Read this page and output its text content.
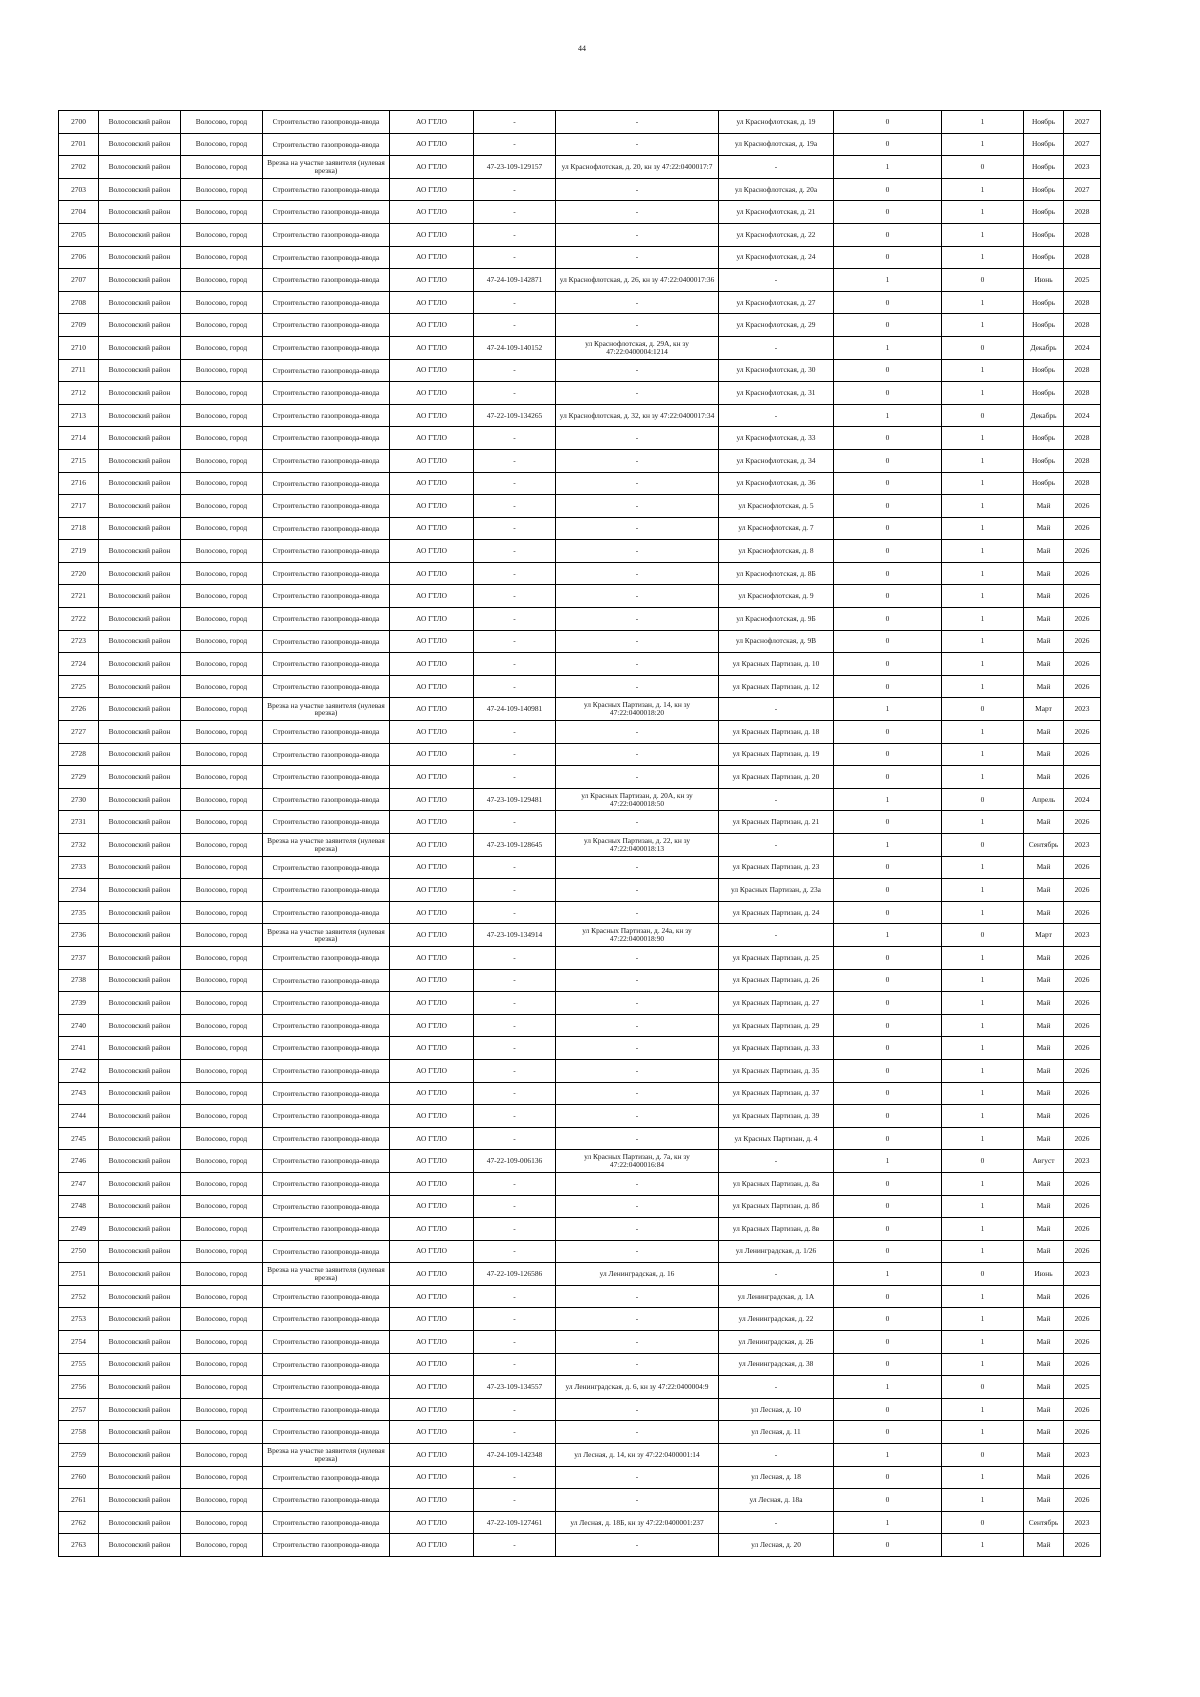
44
2700	Волосовский район	Волосово, город	Строительство газопровода-ввода	АО ГТЛО	-	-	ул Краснофлотская, д. 19	0	1	Ноябрь	2027
2701	Волосовский район	Волосово, город	Строительство газопровода-ввода	АО ГТЛО	-	-	ул Краснофлотская, д. 19а	0	1	Ноябрь	2027
2702	Волосовский район	Волосово, город	Врезка на участке заявителя (нулевая врезка)	АО ГТЛО	47-23-109-129157	ул Краснофлотская, д. 20, кн зу 47:22:0400017:7	-	1	0	Ноябрь	2023
2703	Волосовский район	Волосово, город	Строительство газопровода-ввода	АО ГТЛО	-	-	ул Краснофлотская, д. 20а	0	1	Ноябрь	2027
2704	Волосовский район	Волосово, город	Строительство газопровода-ввода	АО ГТЛО	-	-	ул Краснофлотская, д. 21	0	1	Ноябрь	2028
2705	Волосовский район	Волосово, город	Строительство газопровода-ввода	АО ГТЛО	-	-	ул Краснофлотская, д. 22	0	1	Ноябрь	2028
2706	Волосовский район	Волосово, город	Строительство газопровода-ввода	АО ГТЛО	-	-	ул Краснофлотская, д. 24	0	1	Ноябрь	2028
2707	Волосовский район	Волосово, город	Строительство газопровода-ввода	АО ГТЛО	47-24-109-142871	ул Краснофлотская, д. 26, кн зу 47:22:0400017:36	-	1	0	Июнь	2025
2708	Волосовский район	Волосово, город	Строительство газопровода-ввода	АО ГТЛО	-	-	ул Краснофлотская, д. 27	0	1	Ноябрь	2028
2709	Волосовский район	Волосово, город	Строительство газопровода-ввода	АО ГТЛО	-	-	ул Краснофлотская, д. 29	0	1	Ноябрь	2028
2710	Волосовский район	Волосово, город	Строительство газопровода-ввода	АО ГТЛО	47-24-109-140152	ул Краснофлотская, д. 29А, кн зу 47:22:0400004:1214	-	1	0	Декабрь	2024
2711	Волосовский район	Волосово, город	Строительство газопровода-ввода	АО ГТЛО	-	-	ул Краснофлотская, д. 30	0	1	Ноябрь	2028
2712	Волосовский район	Волосово, город	Строительство газопровода-ввода	АО ГТЛО	-	-	ул Краснофлотская, д. 31	0	1	Ноябрь	2028
2713	Волосовский район	Волосово, город	Строительство газопровода-ввода	АО ГТЛО	47-22-109-134265	ул Краснофлотская, д. 32, кн зу 47:22:0400017:34	-	1	0	Декабрь	2024
2714	Волосовский район	Волосово, город	Строительство газопровода-ввода	АО ГТЛО	-	-	ул Краснофлотская, д. 33	0	1	Ноябрь	2028
2715	Волосовский район	Волосово, город	Строительство газопровода-ввода	АО ГТЛО	-	-	ул Краснофлотская, д. 34	0	1	Ноябрь	2028
2716	Волосовский район	Волосово, город	Строительство газопровода-ввода	АО ГТЛО	-	-	ул Краснофлотская, д. 36	0	1	Ноябрь	2028
2717	Волосовский район	Волосово, город	Строительство газопровода-ввода	АО ГТЛО	-	-	ул Краснофлотская, д. 5	0	1	Май	2026
2718	Волосовский район	Волосово, город	Строительство газопровода-ввода	АО ГТЛО	-	-	ул Краснофлотская, д. 7	0	1	Май	2026
2719	Волосовский район	Волосово, город	Строительство газопровода-ввода	АО ГТЛО	-	-	ул Краснофлотская, д. 8	0	1	Май	2026
2720	Волосовский район	Волосово, город	Строительство газопровода-ввода	АО ГТЛО	-	-	ул Краснофлотская, д. 8Б	0	1	Май	2026
2721	Волосовский район	Волосово, город	Строительство газопровода-ввода	АО ГТЛО	-	-	ул Краснофлотская, д. 9	0	1	Май	2026
2722	Волосовский район	Волосово, город	Строительство газопровода-ввода	АО ГТЛО	-	-	ул Краснофлотская, д. 9Б	0	1	Май	2026
2723	Волосовский район	Волосово, город	Строительство газопровода-ввода	АО ГТЛО	-	-	ул Краснофлотская, д. 9В	0	1	Май	2026
2724	Волосовский район	Волосово, город	Строительство газопровода-ввода	АО ГТЛО	-	-	ул Красных Партизан, д. 10	0	1	Май	2026
2725	Волосовский район	Волосово, город	Строительство газопровода-ввода	АО ГТЛО	-	-	ул Красных Партизан, д. 12	0	1	Май	2026
2726	Волосовский район	Волосово, город	Врезка на участке заявителя (нулевая врезка)	АО ГТЛО	47-24-109-140981	ул Красных Партизан, д. 14, кн зу 47:22:0400018:20	-	1	0	Март	2023
2727	Волосовский район	Волосово, город	Строительство газопровода-ввода	АО ГТЛО	-	-	ул Красных Партизан, д. 18	0	1	Май	2026
2728	Волосовский район	Волосово, город	Строительство газопровода-ввода	АО ГТЛО	-	-	ул Красных Партизан, д. 19	0	1	Май	2026
2729	Волосовский район	Волосово, город	Строительство газопровода-ввода	АО ГТЛО	-	-	ул Красных Партизан, д. 20	0	1	Май	2026
2730	Волосовский район	Волосово, город	Строительство газопровода-ввода	АО ГТЛО	47-23-109-129481	ул Красных Партизан, д. 20А, кн зу 47:22:0400018:50	-	1	0	Апрель	2024
2731	Волосовский район	Волосово, город	Строительство газопровода-ввода	АО ГТЛО	-	-	ул Красных Партизан, д. 21	0	1	Май	2026
2732	Волосовский район	Волосово, город	Врезка на участке заявителя (нулевая врезка)	АО ГТЛО	47-23-109-128645	ул Красных Партизан, д. 22, кн зу 47:22:0400018:13	-	1	0	Сентябрь	2023
2733	Волосовский район	Волосово, город	Строительство газопровода-ввода	АО ГТЛО	-	-	ул Красных Партизан, д. 23	0	1	Май	2026
2734	Волосовский район	Волосово, город	Строительство газопровода-ввода	АО ГТЛО	-	-	ул Красных Партизан, д. 23а	0	1	Май	2026
2735	Волосовский район	Волосово, город	Строительство газопровода-ввода	АО ГТЛО	-	-	ул Красных Партизан, д. 24	0	1	Май	2026
2736	Волосовский район	Волосово, город	Врезка на участке заявителя (нулевая врезка)	АО ГТЛО	47-23-109-134914	ул Красных Партизан, д. 24а, кн зу 47:22:0400018:90	-	1	0	Март	2023
2737	Волосовский район	Волосово, город	Строительство газопровода-ввода	АО ГТЛО	-	-	ул Красных Партизан, д. 25	0	1	Май	2026
2738	Волосовский район	Волосово, город	Строительство газопровода-ввода	АО ГТЛО	-	-	ул Красных Партизан, д. 26	0	1	Май	2026
2739	Волосовский район	Волосово, город	Строительство газопровода-ввода	АО ГТЛО	-	-	ул Красных Партизан, д. 27	0	1	Май	2026
2740	Волосовский район	Волосово, город	Строительство газопровода-ввода	АО ГТЛО	-	-	ул Красных Партизан, д. 29	0	1	Май	2026
2741	Волосовский район	Волосово, город	Строительство газопровода-ввода	АО ГТЛО	-	-	ул Красных Партизан, д. 33	0	1	Май	2026
2742	Волосовский район	Волосово, город	Строительство газопровода-ввода	АО ГТЛО	-	-	ул Красных Партизан, д. 35	0	1	Май	2026
2743	Волосовский район	Волосово, город	Строительство газопровода-ввода	АО ГТЛО	-	-	ул Красных Партизан, д. 37	0	1	Май	2026
2744	Волосовский район	Волосово, город	Строительство газопровода-ввода	АО ГТЛО	-	-	ул Красных Партизан, д. 39	0	1	Май	2026
2745	Волосовский район	Волосово, город	Строительство газопровода-ввода	АО ГТЛО	-	-	ул Красных Партизан, д. 4	0	1	Май	2026
2746	Волосовский район	Волосово, город	Строительство газопровода-ввода	АО ГТЛО	47-22-109-006136	ул Красных Партизан, д. 7а, кн зу 47:22:0400016:84	-	1	0	Август	2023
2747	Волосовский район	Волосово, город	Строительство газопровода-ввода	АО ГТЛО	-	-	ул Красных Партизан, д. 8а	0	1	Май	2026
2748	Волосовский район	Волосово, город	Строительство газопровода-ввода	АО ГТЛО	-	-	ул Красных Партизан, д. 8б	0	1	Май	2026
2749	Волосовский район	Волосово, город	Строительство газопровода-ввода	АО ГТЛО	-	-	ул Красных Партизан, д. 8в	0	1	Май	2026
2750	Волосовский район	Волосово, город	Строительство газопровода-ввода	АО ГТЛО	-	-	ул Ленинградская, д. 1/26	0	1	Май	2026
2751	Волосовский район	Волосово, город	Врезка на участке заявителя (нулевая врезка)	АО ГТЛО	47-22-109-126586	ул Ленинградская, д. 16	-	1	0	Июнь	2023
2752	Волосовский район	Волосово, город	Строительство газопровода-ввода	АО ГТЛО	-	-	ул Ленинградская, д. 1А	0	1	Май	2026
2753	Волосовский район	Волосово, город	Строительство газопровода-ввода	АО ГТЛО	-	-	ул Ленинградская, д. 22	0	1	Май	2026
2754	Волосовский район	Волосово, город	Строительство газопровода-ввода	АО ГТЛО	-	-	ул Ленинградская, д. 2Б	0	1	Май	2026
2755	Волосовский район	Волосово, город	Строительство газопровода-ввода	АО ГТЛО	-	-	ул Ленинградская, д. 38	0	1	Май	2026
2756	Волосовский район	Волосово, город	Строительство газопровода-ввода	АО ГТЛО	47-23-109-134557	ул Ленинградская, д. 6, кн зу 47:22:0400004:9	-	1	0	Май	2025
2757	Волосовский район	Волосово, город	Строительство газопровода-ввода	АО ГТЛО	-	-	ул Лесная, д. 10	0	1	Май	2026
2758	Волосовский район	Волосово, город	Строительство газопровода-ввода	АО ГТЛО	-	-	ул Лесная, д. 11	0	1	Май	2026
2759	Волосовский район	Волосово, город	Врезка на участке заявителя (нулевая врезка)	АО ГТЛО	47-24-109-142348	ул Лесная, д. 14, кн зу 47:22:0400001:14	-	1	0	Май	2023
2760	Волосовский район	Волосово, город	Строительство газопровода-ввода	АО ГТЛО	-	-	ул Лесная, д. 18	0	1	Май	2026
2761	Волосовский район	Волосово, город	Строительство газопровода-ввода	АО ГТЛО	-	-	ул Лесная, д. 18а	0	1	Май	2026
2762	Волосовский район	Волосово, город	Строительство газопровода-ввода	АО ГТЛО	47-22-109-127461	ул Лесная, д. 18Б, кн зу 47:22:0400001:237	-	1	0	Сентябрь	2023
2763	Волосовский район	Волосово, город	Строительство газопровода-ввода	АО ГТЛО	-	-	ул Лесная, д. 20	0	1	Май	2026
